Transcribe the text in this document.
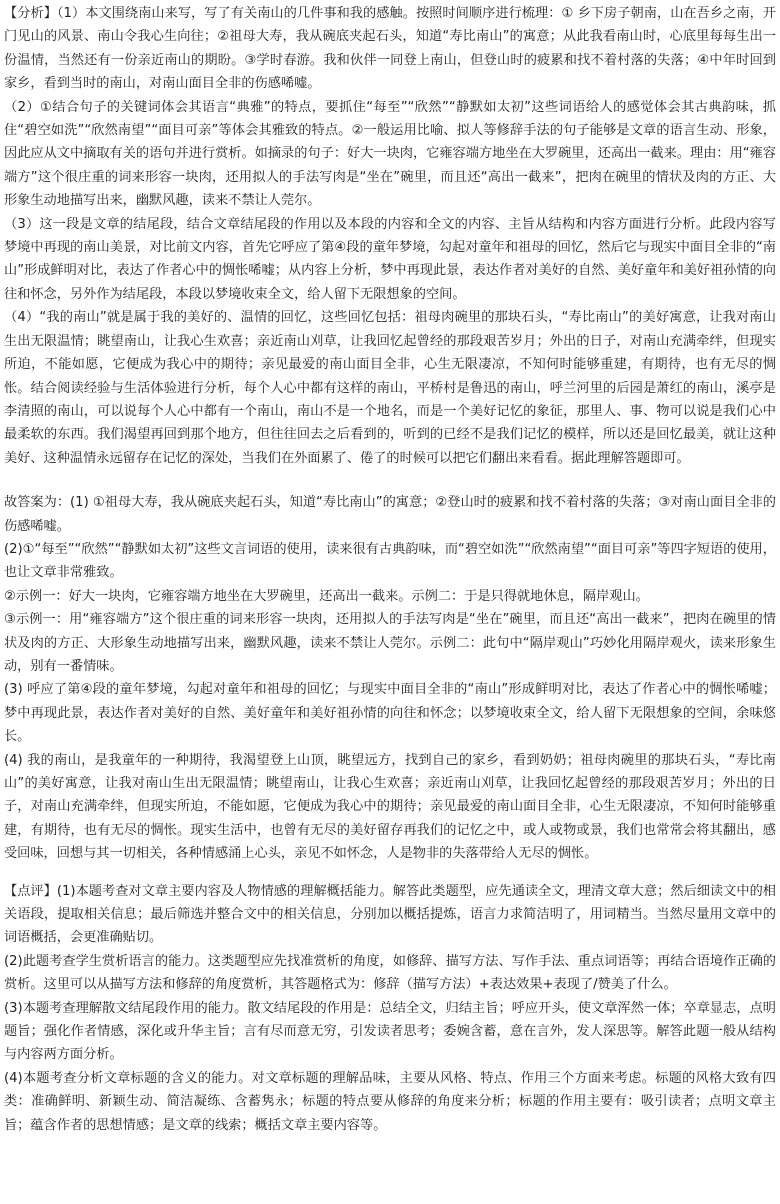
【分析】（1）本文围绕南山来写，写了有关南山的几件事和我的感触。按照时间顺序进行梳理：① 乡下房子朝南，山在吾乡之南，开门见山的风景、南山令我心生向往；②祖母大寿，我从碗底夹起石头，知道“寿比南山”的寓意；从此我看南山时，心底里每每生出一份温情，当然还有一份亲近南山的期盼。③学时春游。我和伙伴一同登上南山，但登山时的疲累和找不着村落的失落；④中年时回到家乡，看到当时的南山，对南山面目全非的伤感唏嘘。

（2）①结合句子的关键词体会其语言“典雅”的特点，要抓住“每至”“欣然”“静默如太初”这些词语给人的感觉体会其古典韵味，抓住“碧空如洗”“欣然南望”“面目可亲”等体会其雅致的特点。②一般运用比喻、拟人等修辞手法的句子能够是文章的语言生动、形象，因此应从文中摘取有关的语句并进行赏析。如摘录的句子：好大一块肉，它雍容端方地坐在大罗碗里，还高出一截来。理由：用“雍容端方”这个很庄重的词来形容一块肉，还用拟人的手法写肉是“坐在”碗里，而且还“高出一截来”，把肉在碗里的情状及肉的方正、大形象生动地描写出来，幽默风趣，读来不禁让人莞尔。

（3）这一段是文章的结尾段，结合文章结尾段的作用以及本段的内容和全文的内容、主旨从结构和内容方面进行分析。此段内容写梦境中再现的南山美景，对比前文内容，首先它呼应了第④段的童年梦境，勾起对童年和祖母的回忆，然后它与现实中面目全非的“南山”形成鲜明对比，表达了作者心中的惆怅唏嘘；从内容上分析，梦中再现此景，表达作者对美好的自然、美好童年和美好祖孙情的向往和怀念，另外作为结尾段，本段以梦境收束全文，给人留下无限想象的空间。

（4）“我的南山”就是属于我的美好的、温情的回忆，这些回忆包括：祖母肉碗里的那块石头，“寿比南山”的美好寓意，让我对南山生出无限温情；眺望南山，让我心生欢喜；亲近南山刈草，让我回忆起曾经的那段艰苦岁月；外出的日子，对南山充满牵绊，但现实所迫，不能如愿，它便成为我心中的期待；亲见最爱的南山面目全非，心生无限凄凉，不知何时能够重建，有期待，也有无尽的惆怅。结合阅读经验与生活体验进行分析，每个人心中都有这样的南山，平桥村是鲁迅的南山，呼兰河里的后园是萧红的南山，溪亭是李清照的南山，可以说每个人心中都有一个南山，南山不是一个地名，而是一个美好记忆的象征，那里人、事、物可以说是我们心中最柔软的东西。我们渴望再回到那个地方，但往往回去之后看到的，听到的已经不是我们记忆的模样，所以还是回忆最美，就让这种美好、这种温情永远留存在记忆的深处，当我们在外面累了、倦了的时候可以把它们翻出来看看。据此理解答题即可。

故答案为：(1) ①祖母大寿，我从碗底夹起石头，知道“寿比南山”的寓意；②登山时的疲累和找不着村落的失落；③对南山面目全非的伤感唏嘘。

(2)①“每至”“欣然”“静默如太初”这些文言词语的使用，读来很有古典韵味，而“碧空如洗”“欣然南望”“面目可亲”等四字短语的使用，也让文章非常雅致。

②示例一：好大一块肉，它雍容端方地坐在大罗碗里，还高出一截来。示例二：于是只得就地休息，隔岸观山。

③示例一：用“雍容端方”这个很庄重的词来形容一块肉，还用拟人的手法写肉是“坐在”碗里，而且还“高出一截来”，把肉在碗里的情状及肉的方正、大形象生动地描写出来，幽默风趣，读来不禁让人莞尔。示例二：此句中“隔岸观山”巧妙化用隔岸观火，读来形象生动，别有一番情味。

(3) 呼应了第④段的童年梦境，勾起对童年和祖母的回忆；与现实中面目全非的“南山”形成鲜明对比，表达了作者心中的惆怅唏嘘；梦中再现此景，表达作者对美好的自然、美好童年和美好祖孙情的向往和怀念；以梦境收束全文，给人留下无限想象的空间，余味悠长。

(4) 我的南山，是我童年的一种期待，我渴望登上山顶，眺望远方，找到自己的家乡，看到奶奶；祖母肉碗里的那块石头，“寿比南山”的美好寓意，让我对南山生出无限温情；眺望南山，让我心生欢喜；亲近南山刈草，让我回忆起曾经的那段艰苦岁月；外出的日子，对南山充满牵绊，但现实所迫，不能如愿，它便成为我心中的期待；亲见最爱的南山面目全非，心生无限凄凉，不知何时能够重建，有期待，也有无尽的惆怅。现实生活中，也曾有无尽的美好留存再我们的记忆之中，或人或物或景，我们也常常会将其翻出，感受回味，回想与其一切相关，各种情感涌上心头，亲见不如怀念，人是物非的失落带给人无尽的惆怅。

【点评】(1)本题考查对文章主要内容及人物情感的理解概括能力。解答此类题型，应先通读全文，理清文章大意；然后细读文中的相关语段，提取相关信息；最后筛选并整合文中的相关信息，分别加以概括提炼，语言力求简洁明了，用词精当。当然尽量用文章中的词语概括，会更准确贴切。

(2)此题考查学生赏析语言的能力。这类题型应先找准赏析的角度，如修辞、描写方法、写作手法、重点词语等；再结合语境作正确的赏析。这里可以从描写方法和修辞的角度赏析，其答题格式为：修辞（描写方法）+表达效果+表现了/赞美了什么。

(3)本题考查理解散文结尾段作用的能力。散文结尾段的作用是：总结全文，归结主旨；呼应开头，使文章浑然一体；卒章显志，点明题旨；强化作者情感，深化或升华主旨；言有尽而意无穷，引发读者思考；委婉含蓄，意在言外，发人深思等。解答此题一般从结构与内容两方面分析。

(4)本题考查分析文章标题的含义的能力。对文章标题的理解品味，主要从风格、特点、作用三个方面来考虑。标题的风格大致有四类：准确鲜明、新颖生动、简洁凝练、含蓄隽永；标题的特点要从修辞的角度来分析；标题的作用主要有：吸引读者；点明文章主旨；蕴含作者的思想情感；是文章的线索；概括文章主要内容等。
